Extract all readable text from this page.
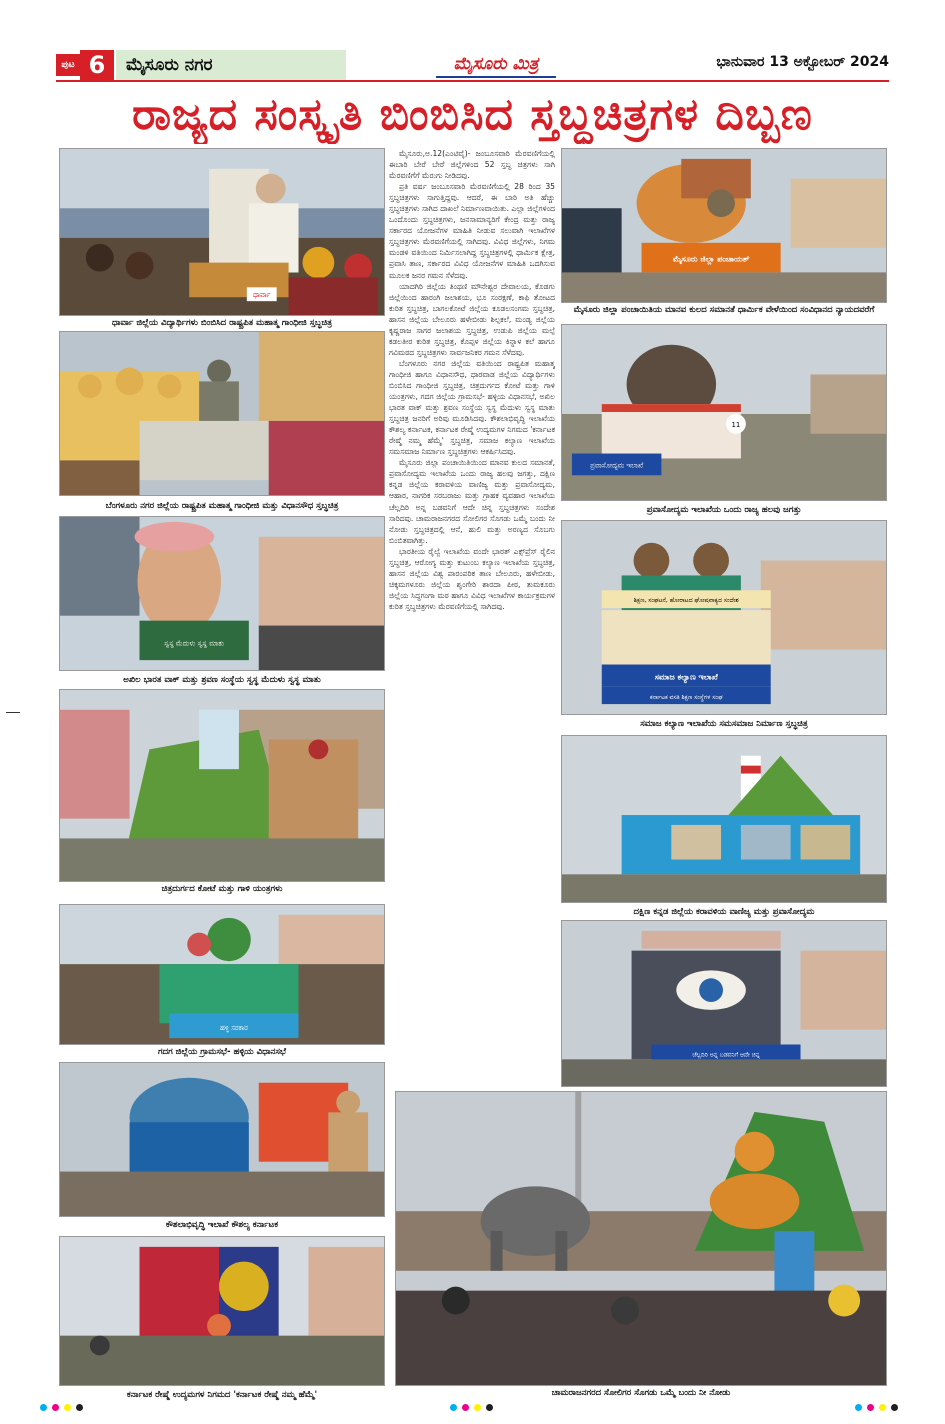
ಪುಟ 6	ಮೈಸೂರು ನಗರ	ಮೈಸೂರು ಮಿತ್ರ	ಭಾನುವಾರ 13 ಅಕ್ಟೋಬರ್ 2024
ರಾಜ್ಯದ ಸಂಸ್ಕೃತಿ ಬಿಂಬಿಸಿದ ಸ್ತಬ್ಧಚಿತ್ರಗಳ ದಿಬ್ಬಣ
ಧಾರ್ವಾ
ಧಾರ್ವಾ ಜಿಲ್ಲೆಯ ವಿದ್ಯಾರ್ಥಿಗಳು ಬಿಂಬಿಸಿದ ರಾಷ್ಟ್ರಪಿತ ಮಹಾತ್ಮ ಗಾಂಧೀಜಿ ಸ್ತಬ್ಧಚಿತ್ರ
ಬೆಂಗಳೂರು ನಗರ ಜಿಲ್ಲೆಯ ರಾಷ್ಟ್ರಪಿತ ಮಹಾತ್ಮ ಗಾಂಧೀಜಿ ಮತ್ತು ವಿಧಾನಸೌಧ ಸ್ತಬ್ಧಚಿತ್ರ
ಸ್ವಸ್ಥ ಮೆದುಳು ಸ್ವಸ್ಥ ಮಾತು
ಅಖಿಲ ಭಾರತ ವಾಕ್ ಮತ್ತು ಶ್ರವಣ ಸಂಸ್ಥೆಯ ಸ್ವಸ್ಥ ಮೆದುಳು ಸ್ವಸ್ಥ ಮಾತು
ಚಿತ್ರದುರ್ಗದ ಕೋಟೆ ಮತ್ತು ಗಾಳಿ ಯಂತ್ರಗಳು
ಹಳ್ಳಿ ಸರಕಾರ
ಗದಗ ಜಿಲ್ಲೆಯ ಗ್ರಾಮಸಭೆ- ಹಳ್ಳಿಯ ವಿಧಾನಸಭೆ
ಕೌಶಲಾಭಿವೃದ್ಧಿ ಇಲಾಖೆ ಕೌಶಲ್ಯ ಕರ್ನಾಟಕ
ಕರ್ನಾಟಕ ರೇಷ್ಮೆ ಉದ್ಯಮಗಳ ನಿಗಮದ 'ಕರ್ನಾಟಕ ರೇಷ್ಮೆ ನಮ್ಮ ಹೆಮ್ಮೆ'

ಮೈಸೂರು,ಅ.12(ಎಂಟಿವೈ)- ಜಂಬೂಸವಾರಿ ಮೆರವಣಿಗೆಯಲ್ಲಿ ಈಬಾರಿ ಬೇರೆ ಬೇರೆ ಜಿಲ್ಲೆಗಳಿಂದ 52 ಸ್ತಬ್ಧ ಚಿತ್ರಗಳು ಸಾಗಿ ಮೆರವಣಿಗೆಗೆ ಮೆರುಗು ನೀಡಿದವು.

ಪ್ರತಿ ವರ್ಷ ಜಂಬೂಸವಾರಿ ಮೆರವಣಿಗೆಯಲ್ಲಿ 28 ರಿಂದ 35 ಸ್ತಬ್ಧಚಿತ್ರಗಳು ಸಾಗುತ್ತಿದ್ದವು. ಆದರೆ, ಈ ಬಾರಿ ಅತಿ ಹೆಚ್ಚು ಸ್ತಬ್ಧಚಿತ್ರಗಳು ಸಾಗಿದ ದಾಖಲೆ ನಿರ್ಮಾಣವಾಯಿತು. ಎಲ್ಲಾ ಜಿಲ್ಲೆಗಳಿಂದ ಒಂದೊಂದು ಸ್ತಬ್ಧಚಿತ್ರಗಳು, ಜನಸಾಮಾನ್ಯರಿಗೆ ಕೇಂದ್ರ ಮತ್ತು ರಾಜ್ಯ ಸರ್ಕಾರದ ಯೋಜನೆಗಳ ಮಾಹಿತಿ ನೀಡುವ ಸಲುವಾಗಿ ಇಲಾಖೆಗಳ ಸ್ತಬ್ಧಚಿತ್ರಗಳು ಮೆರವಣಿಗೆಯಲ್ಲಿ ಸಾಗಿದವು. ವಿವಿಧ ಜಿಲ್ಲೆಗಳು, ನಿಗಮ ಮಂಡಳಿ ವತಿಯಿಂದ ನಿರ್ಮಿಸಲಾಗಿದ್ದ ಸ್ತಬ್ಧಚಿತ್ರಗಳಲ್ಲಿ ಧಾರ್ಮಿಕ ಕ್ಷೇತ್ರ, ಪ್ರವಾಸಿ ತಾಣ, ಸರ್ಕಾರದ ವಿವಿಧ ಯೋಜನೆಗಳ ಮಾಹಿತಿ ಒದಗಿಸುವ ಮೂಲಕ ಜನರ ಗಮನ ಸೆಳೆದವು.

ಯಾದಗಿರಿ ಜಿಲ್ಲೆಯ ತಿಂಥಣಿ ಮೌನೇಶ್ವರ ದೇವಾಲಯ, ಕೊಡಗು ಜಿಲ್ಲೆಯಿಂದ ಹಾರಂಗಿ ಜಲಾಶಯ, ಭೂ ಸಂರಕ್ಷಣೆ, ಕಾಫಿ ತೋಟದ ಕುರಿತ ಸ್ತಬ್ಧಚಿತ್ರ, ಬಾಗಲಕೋಟೆ ಜಿಲ್ಲೆಯ ಕೂಡಲಸಂಗಮ ಸ್ತಬ್ಧಚಿತ್ರ, ಹಾಸನ ಜಿಲ್ಲೆಯ ಬೇಲೂರು ಹಳೇಬೀಡು ಶಿಲ್ಪಕಲೆ, ಮಂಡ್ಯ ಜಿಲ್ಲೆಯ ಕೃಷ್ಣರಾಜ ಸಾಗರ ಜಲಾಶಯ ಸ್ತಬ್ಧಚಿತ್ರ, ಉಡುಪಿ ಜಿಲ್ಲೆಯ ಮಲ್ಪೆ ಕಡಲತೀರ ಕುರಿತ ಸ್ತಬ್ಧಚಿತ್ರ, ಕೊಪ್ಪಳ ಜಿಲ್ಲೆಯ ಕಿನ್ನಾಳ ಕಲೆ ಹಾಗೂ ಗವಿಮಠದ ಸ್ತಬ್ಧಚಿತ್ರಗಳು ಸಾರ್ವಜನಿಕರ ಗಮನ ಸೆಳೆದವು.

ಬೆಂಗಳೂರು ನಗರ ಜಿಲ್ಲೆಯ ವತಿಯಿಂದ ರಾಷ್ಟ್ರಪಿತ ಮಹಾತ್ಮ ಗಾಂಧೀಜಿ ಹಾಗೂ ವಿಧಾನಸೌಧ, ಧಾರವಾಡ ಜಿಲ್ಲೆಯ ವಿದ್ಯಾರ್ಥಿಗಳು ಬಿಂಬಿಸಿದ ಗಾಂಧೀಜಿ ಸ್ತಬ್ಧಚಿತ್ರ, ಚಿತ್ರದುರ್ಗದ ಕೋಟೆ ಮತ್ತು ಗಾಳಿ ಯಂತ್ರಗಳು, ಗದಗ ಜಿಲ್ಲೆಯ ಗ್ರಾಮಸಭೆ- ಹಳ್ಳಿಯ ವಿಧಾನಸಭೆ, ಅಖಿಲ ಭಾರತ ವಾಕ್ ಮತ್ತು ಶ್ರವಣ ಸಂಸ್ಥೆಯ ಸ್ವಸ್ಥ ಮೆದುಳು ಸ್ವಸ್ಥ ಮಾತು ಸ್ತಬ್ಧಚಿತ್ರ ಜನರಿಗೆ ಅರಿವು ಮೂಡಿಸಿದವು. ಕೌಶಲಾಭಿವೃದ್ಧಿ ಇಲಾಖೆಯ ಕೌಶಲ್ಯ ಕರ್ನಾಟಕ, ಕರ್ನಾಟಕ ರೇಷ್ಮೆ ಉದ್ಯಮಗಳ ನಿಗಮದ 'ಕರ್ನಾಟಕ ರೇಷ್ಮೆ ನಮ್ಮ ಹೆಮ್ಮೆ' ಸ್ತಬ್ಧಚಿತ್ರ, ಸಮಾಜ ಕಲ್ಯಾಣ ಇಲಾಖೆಯ ಸಮಸಮಾಜ ನಿರ್ಮಾಣ ಸ್ತಬ್ಧಚಿತ್ರಗಳು ಆಕರ್ಷಿಸಿದವು.

ಮೈಸೂರು ಜಿಲ್ಲಾ ಪಂಚಾಯಿತಿಯಿಂದ ಮಾನವ ಕುಲದ ಸಮಾನತೆ, ಪ್ರವಾಸೋದ್ಯಮ ಇಲಾಖೆಯ ಒಂದು ರಾಜ್ಯ ಹಲವು ಜಗತ್ತು, ದಕ್ಷಿಣ ಕನ್ನಡ ಜಿಲ್ಲೆಯ ಕರಾವಳಿಯ ವಾಣಿಜ್ಯ ಮತ್ತು ಪ್ರವಾಸೋದ್ಯಮ, ಆಹಾರ, ನಾಗರಿಕ ಸರಬರಾಜು ಮತ್ತು ಗ್ರಾಹಕ ವ್ಯವಹಾರ ಇಲಾಖೆಯ ಚೆಲ್ಲದಿರಿ ಅನ್ನ ಬಡವನಿಗೆ ಆದೇ ಚಿನ್ನ ಸ್ತಬ್ಧಚಿತ್ರಗಳು ಸಂದೇಶ ಸಾರಿದವು. ಚಾಮರಾಜನಗರದ ಸೋಲಿಗರ ಸೊಗಡು ಒಮ್ಮೆ ಬಂದು ನೀ ನೋಡು ಸ್ತಬ್ಧಚಿತ್ರದಲ್ಲಿ ಆನೆ, ಹುಲಿ ಮತ್ತು ಅರಣ್ಯದ ಸೊಬಗು ಬಿಂಬಿತವಾಗಿತ್ತು.

ಭಾರತೀಯ ರೈಲ್ವೆ ಇಲಾಖೆಯ ವಂದೇ ಭಾರತ್ ಎಕ್ಸ್‌ಪ್ರೆಸ್ ರೈಲಿನ ಸ್ತಬ್ಧಚಿತ್ರ, ಆರೋಗ್ಯ ಮತ್ತು ಕುಟುಂಬ ಕಲ್ಯಾಣ ಇಲಾಖೆಯ ಸ್ತಬ್ಧಚಿತ್ರ, ಹಾಸನ ಜಿಲ್ಲೆಯ ವಿಶ್ವ ಪಾರಂಪರಿಕ ತಾಣ ಬೇಲೂರು, ಹಳೇಬೀಡು, ಚಿಕ್ಕಮಗಳೂರು ಜಿಲ್ಲೆಯ ಶೃಂಗೇರಿ ಶಾರದಾ ಪೀಠ, ತುಮಕೂರು ಜಿಲ್ಲೆಯ ಸಿದ್ಧಗಂಗಾ ಮಠ ಹಾಗೂ ವಿವಿಧ ಇಲಾಖೆಗಳ ಕಾರ್ಯಕ್ರಮಗಳ ಕುರಿತ ಸ್ತಬ್ಧಚಿತ್ರಗಳು ಮೆರವಣಿಗೆಯಲ್ಲಿ ಸಾಗಿದವು.

ಮೈಸೂರು ಜಿಲ್ಲಾ ಪಂಚಾಯತ್
ಮೈಸೂರು ಜಿಲ್ಲಾ ಪಂಚಾಯಿತಿಯ ಮಾನವ ಕುಲದ ಸಮಾನತೆ ಧಾರ್ಮಿಕ ವೇಳೆಯಿಂದ ಸಂವಿಧಾನದ ನ್ಯಾಯದವರೆಗೆ
11
ಪ್ರವಾಸೋದ್ಯಮ ಇಲಾಖೆ
ಪ್ರವಾಸೋದ್ಯಮ ಇಲಾಖೆಯ ಒಂದು ರಾಜ್ಯ ಹಲವು ಜಗತ್ತು
ಶಿಕ್ಷಣ, ಸಂಘಟನೆ, ಹೋರಾಟದ ಘೋಷವಾಕ್ಯದ ಸಂದೇಶ
ಸಮಾಜ ಕಲ್ಯಾಣ ಇಲಾಖೆ
ಕರ್ನಾಟಕ ವಸತಿ ಶಿಕ್ಷಣ ಸಂಸ್ಥೆಗಳ ಸಂಘ
ಸಮಾಜ ಕಲ್ಯಾಣ ಇಲಾಖೆಯ ಸಮಸಮಾಜ ನಿರ್ಮಾಣ ಸ್ತಬ್ಧಚಿತ್ರ
ದಕ್ಷಿಣ ಕನ್ನಡ ಜಿಲ್ಲೆಯ ಕರಾವಳಿಯ ವಾಣಿಜ್ಯ ಮತ್ತು ಪ್ರವಾಸೋದ್ಯಮ
ಚೆಲ್ಲದಿರಿ ಅನ್ನ ಬಡವನಿಗೆ ಆದೇ ಚಿನ್ನ
ಚಾಮರಾಜನಗರದ ಸೋಲಿಗರ ಸೊಗಡು ಒಮ್ಮೆ ಬಂದು ನೀ ನೋಡು
